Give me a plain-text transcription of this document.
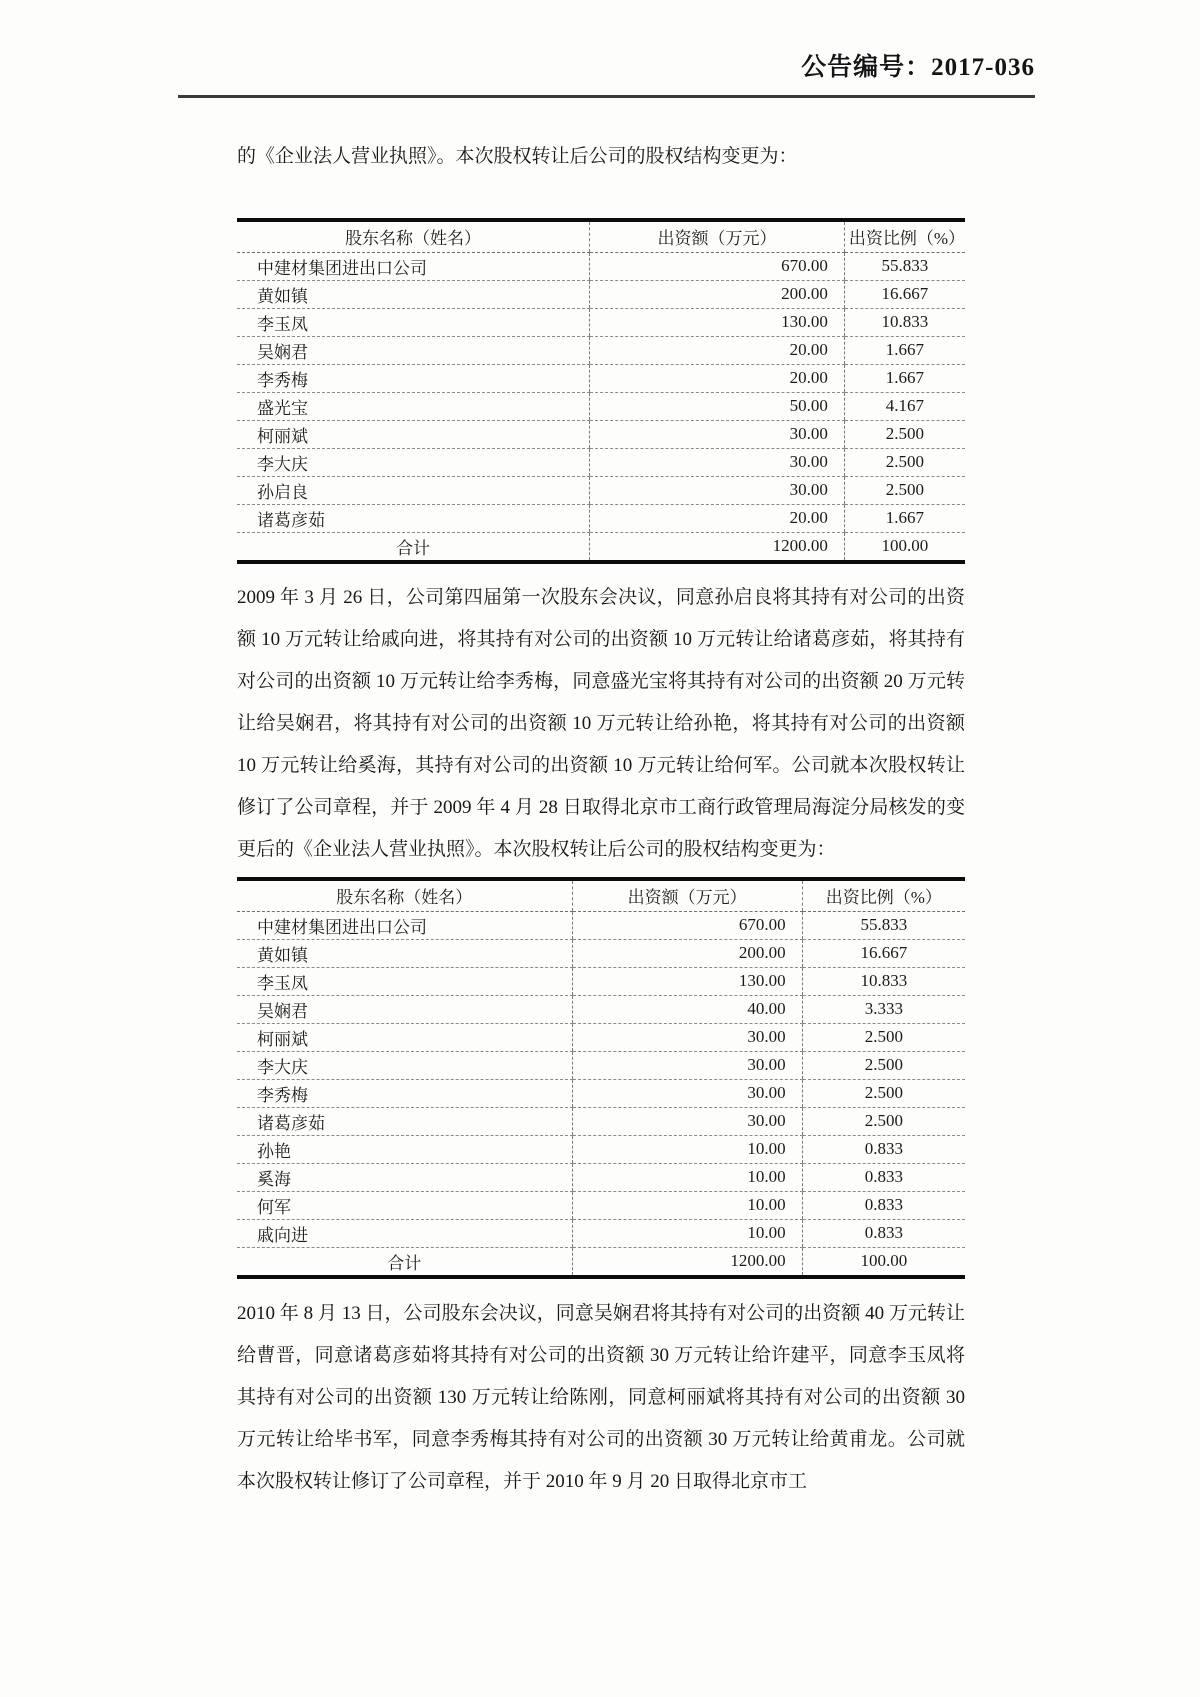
公告编号：2017-036

的《企业法人营业执照》。本次股权转让后公司的股权结构变更为：

股东名称（姓名）	出资额（万元）	出资比例（%）
中建材集团进出口公司	670.00	55.833
黄如镇	200.00	16.667
李玉凤	130.00	10.833
吴娴君	20.00	1.667
李秀梅	20.00	1.667
盛光宝	50.00	4.167
柯丽斌	30.00	2.500
李大庆	30.00	2.500
孙启良	30.00	2.500
诸葛彦茹	20.00	1.667
合计	1200.00	100.00

2009 年 3 月 26 日，公司第四届第一次股东会决议，同意孙启良将其持有对公司的出资额 10 万元转让给戚向进，将其持有对公司的出资额 10 万元转让给诸葛彦茹，将其持有对公司的出资额 10 万元转让给李秀梅，同意盛光宝将其持有对公司的出资额 20 万元转让给吴娴君，将其持有对公司的出资额 10 万元转让给孙艳，将其持有对公司的出资额 10 万元转让给奚海，其持有对公司的出资额 10 万元转让给何军。公司就本次股权转让修订了公司章程，并于 2009 年 4 月 28 日取得北京市工商行政管理局海淀分局核发的变更后的《企业法人营业执照》。本次股权转让后公司的股权结构变更为：

股东名称（姓名）	出资额（万元）	出资比例（%）
中建材集团进出口公司	670.00	55.833
黄如镇	200.00	16.667
李玉凤	130.00	10.833
吴娴君	40.00	3.333
柯丽斌	30.00	2.500
李大庆	30.00	2.500
李秀梅	30.00	2.500
诸葛彦茹	30.00	2.500
孙艳	10.00	0.833
奚海	10.00	0.833
何军	10.00	0.833
戚向进	10.00	0.833
合计	1200.00	100.00

2010 年 8 月 13 日，公司股东会决议，同意吴娴君将其持有对公司的出资额 40 万元转让给曹晋，同意诸葛彦茹将其持有对公司的出资额 30 万元转让给许建平，同意李玉凤将其持有对公司的出资额 130 万元转让给陈刚，同意柯丽斌将其持有对公司的出资额 30 万元转让给毕书军，同意李秀梅其持有对公司的出资额 30 万元转让给黄甫龙。公司就本次股权转让修订了公司章程，并于 2010 年 9 月 20 日取得北京市工
